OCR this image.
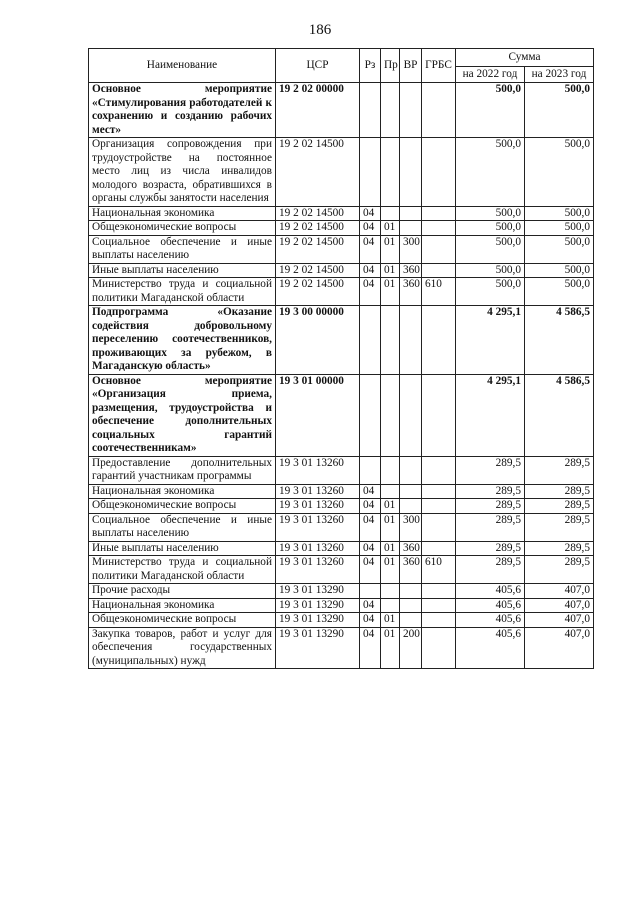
186
Наименование	ЦСР	Рз	Пр	ВР	ГРБС	Сумма	
						на 2022 год	на 2023 год
Основное мероприятие «Стимулирования работодателей к сохранению и созданию рабочих мест»	19 2 02 00000					500,0	500,0
Организация сопровождения при трудоустройстве на постоянное место лиц из числа инвалидов молодого возраста, обратившихся в органы службы занятости населения	19 2 02 14500					500,0	500,0
Национальная экономика	19 2 02 14500	04				500,0	500,0
Общеэкономические вопросы	19 2 02 14500	04	01			500,0	500,0
Социальное обеспечение и иные выплаты населению	19 2 02 14500	04	01	300		500,0	500,0
Иные выплаты населению	19 2 02 14500	04	01	360		500,0	500,0
Министерство труда и социальной политики Магаданской области	19 2 02 14500	04	01	360	610	500,0	500,0
Подпрограмма «Оказание содействия добровольному переселению соотечественников, проживающих за рубежом, в Магаданскую область»	19 3 00 00000					4 295,1	4 586,5
Основное мероприятие «Организация приема, размещения, трудоустройства и обеспечение дополнительных социальных гарантий соотечественникам»	19 3 01 00000					4 295,1	4 586,5
Предоставление дополнительных гарантий участникам программы	19 3 01 13260					289,5	289,5
Национальная экономика	19 3 01 13260	04				289,5	289,5
Общеэкономические вопросы	19 3 01 13260	04	01			289,5	289,5
Социальное обеспечение и иные выплаты населению	19 3 01 13260	04	01	300		289,5	289,5
Иные выплаты населению	19 3 01 13260	04	01	360		289,5	289,5
Министерство труда и социальной политики Магаданской области	19 3 01 13260	04	01	360	610	289,5	289,5
Прочие расходы	19 3 01 13290					405,6	407,0
Национальная экономика	19 3 01 13290	04				405,6	407,0
Общеэкономические вопросы	19 3 01 13290	04	01			405,6	407,0
Закупка товаров, работ и услуг для обеспечения государственных (муниципальных) нужд	19 3 01 13290	04	01	200		405,6	407,0
